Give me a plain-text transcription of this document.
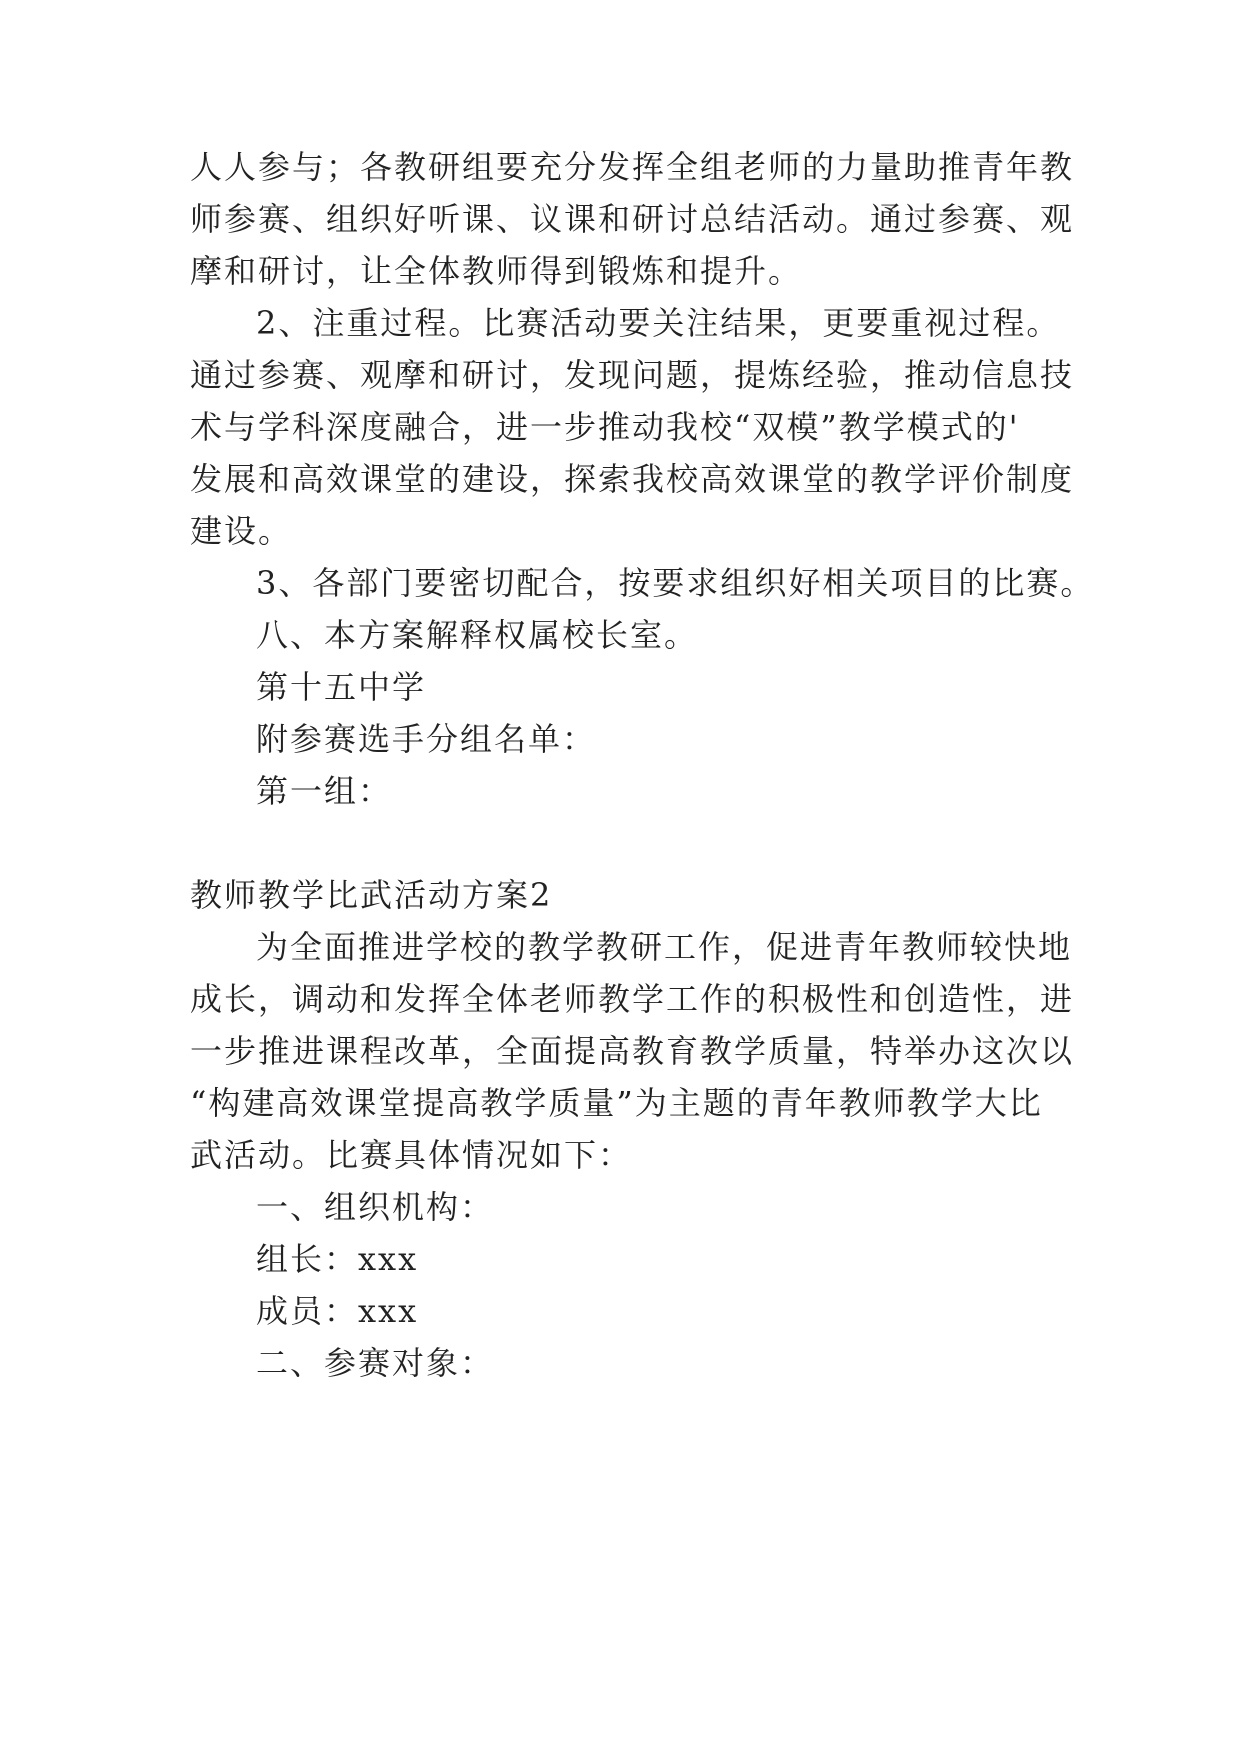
人人参与；各教研组要充分发挥全组老师的力量助推青年教
师参赛、组织好听课、议课和研讨总结活动。通过参赛、观
摩和研讨，让全体教师得到锻炼和提升。
2、注重过程。比赛活动要关注结果，更要重视过程。
通过参赛、观摩和研讨，发现问题，提炼经验，推动信息技
术与学科深度融合，进一步推动我校“双模”教学模式的'
发展和高效课堂的建设，探索我校高效课堂的教学评价制度
建设。
3、各部门要密切配合，按要求组织好相关项目的比赛。
八、本方案解释权属校长室。
第十五中学
附参赛选手分组名单：
第一组：
教师教学比武活动方案2
为全面推进学校的教学教研工作，促进青年教师较快地
成长，调动和发挥全体老师教学工作的积极性和创造性，进
一步推进课程改革，全面提高教育教学质量，特举办这次以
“构建高效课堂提高教学质量”为主题的青年教师教学大比
武活动。比赛具体情况如下：
一、组织机构：
组长：xxx
成员：xxx
二、参赛对象：
